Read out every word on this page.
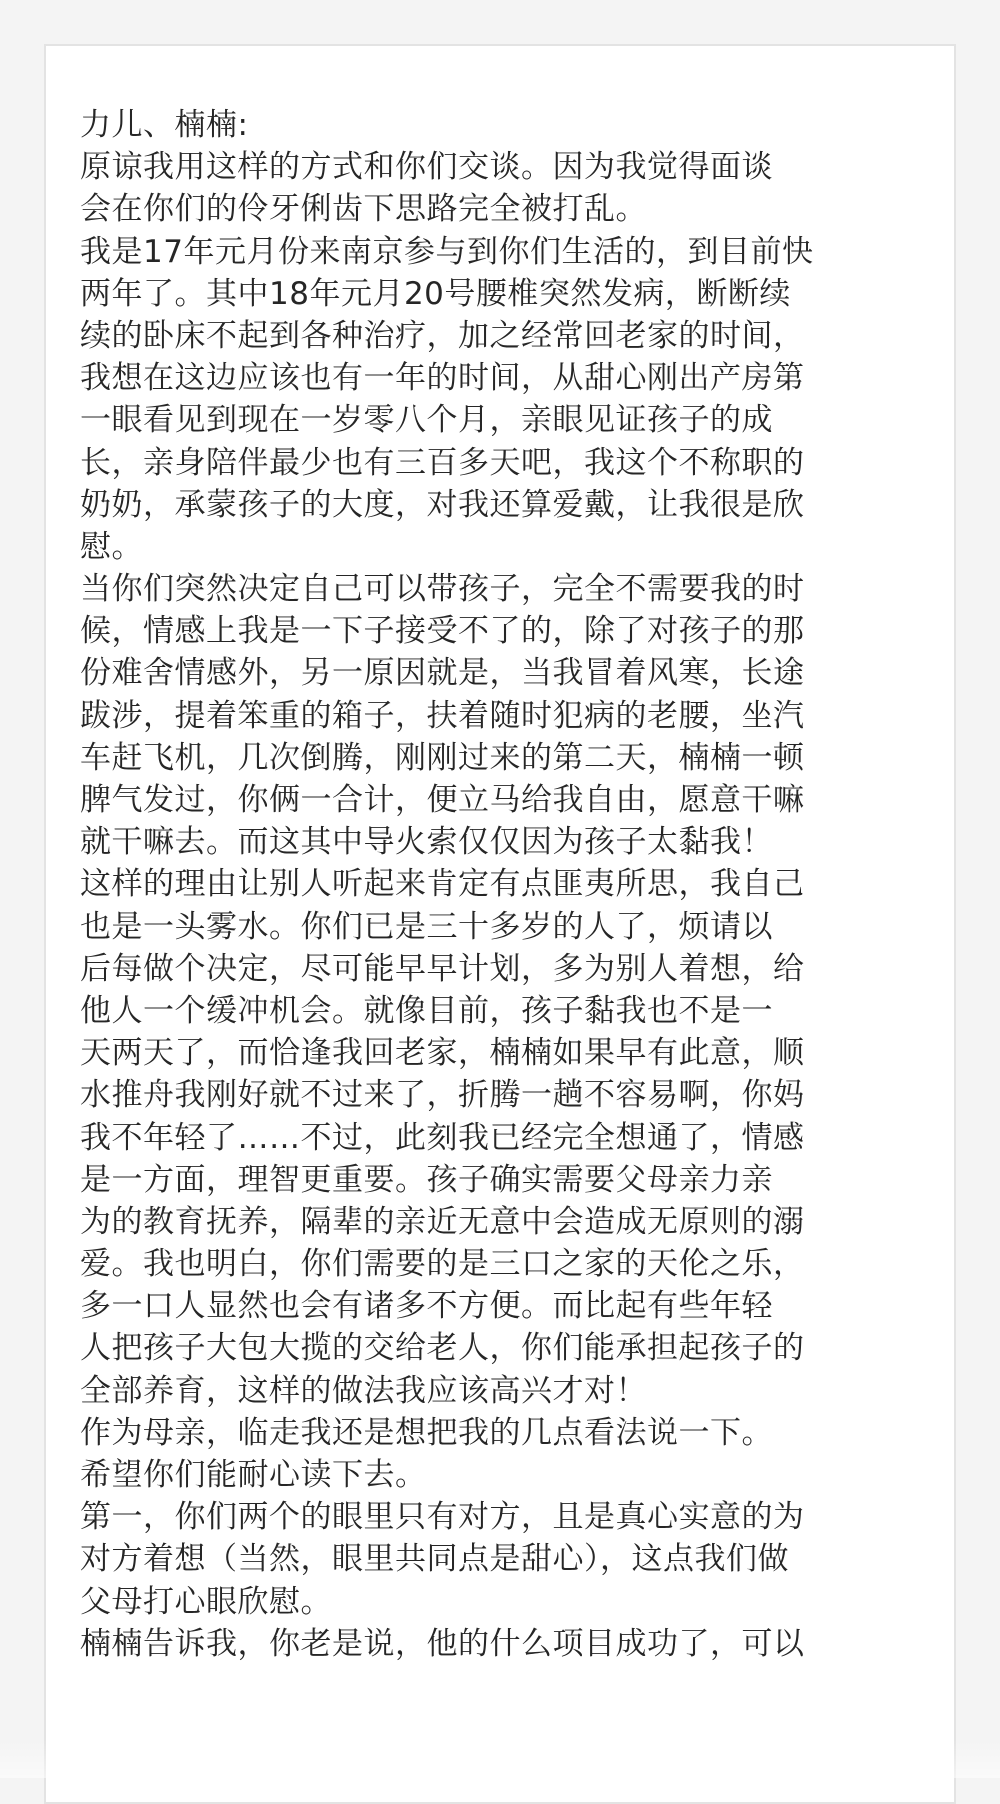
力儿、楠楠:
原谅我用这样的方式和你们交谈。因为我觉得面谈
会在你们的伶牙俐齿下思路完全被打乱。
我是17年元月份来南京参与到你们生活的，到目前快
两年了。其中18年元月20号腰椎突然发病，断断续
续的卧床不起到各种治疗，加之经常回老家的时间，
我想在这边应该也有一年的时间，从甜心刚出产房第
一眼看见到现在一岁零八个月，亲眼见证孩子的成
长，亲身陪伴最少也有三百多天吧，我这个不称职的
奶奶，承蒙孩子的大度，对我还算爱戴，让我很是欣
慰。
当你们突然决定自己可以带孩子，完全不需要我的时
候，情感上我是一下子接受不了的，除了对孩子的那
份难舍情感外，另一原因就是，当我冒着风寒，长途
跋涉，提着笨重的箱子，扶着随时犯病的老腰，坐汽
车赶飞机，几次倒腾，刚刚过来的第二天，楠楠一顿
脾气发过，你俩一合计，便立马给我自由，愿意干嘛
就干嘛去。而这其中导火索仅仅因为孩子太黏我！
这样的理由让别人听起来肯定有点匪夷所思，我自己
也是一头雾水。你们已是三十多岁的人了，烦请以
后每做个决定，尽可能早早计划，多为别人着想，给
他人一个缓冲机会。就像目前，孩子黏我也不是一
天两天了，而恰逢我回老家，楠楠如果早有此意，顺
水推舟我刚好就不过来了，折腾一趟不容易啊，你妈
我不年轻了……不过，此刻我已经完全想通了，情感
是一方面，理智更重要。孩子确实需要父母亲力亲
为的教育抚养，隔辈的亲近无意中会造成无原则的溺
爱。我也明白，你们需要的是三口之家的天伦之乐，
多一口人显然也会有诸多不方便。而比起有些年轻
人把孩子大包大揽的交给老人，你们能承担起孩子的
全部养育，这样的做法我应该高兴才对！
作为母亲，临走我还是想把我的几点看法说一下。
希望你们能耐心读下去。
第一，你们两个的眼里只有对方，且是真心实意的为
对方着想（当然，眼里共同点是甜心），这点我们做
父母打心眼欣慰。
楠楠告诉我，你老是说，他的什么项目成功了，可以
